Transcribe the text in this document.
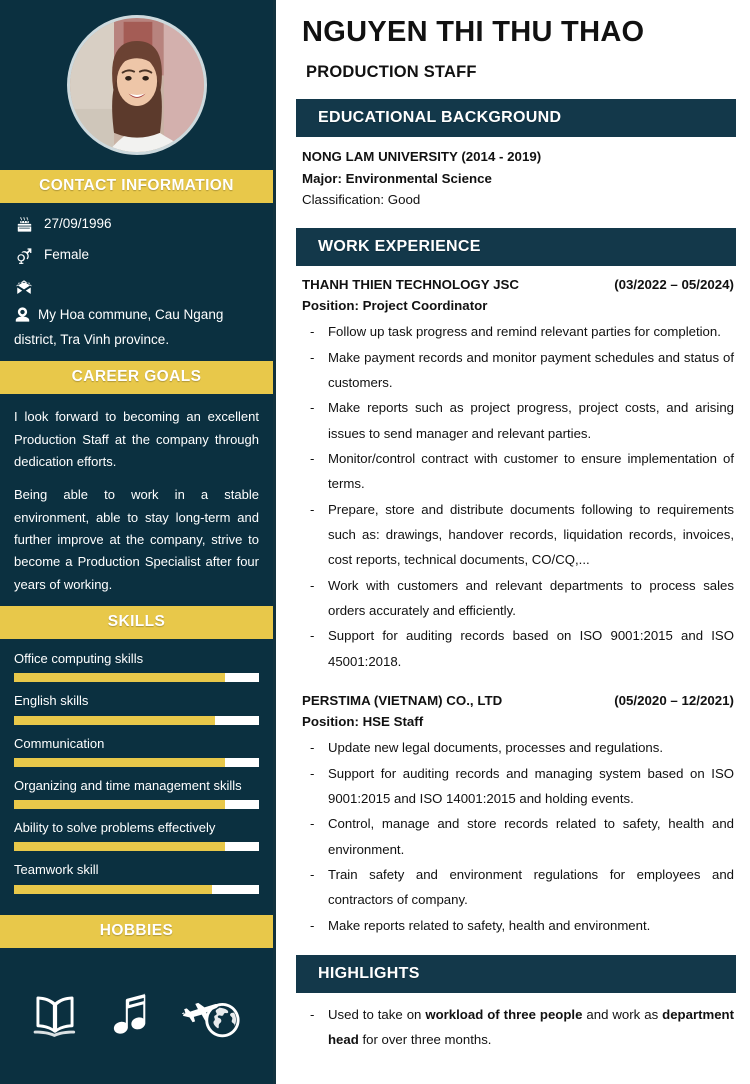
CONTACT INFORMATION
27/09/1996
Female
My Hoa commune, Cau Ngang district, Tra Vinh province.
CAREER GOALS

I look forward to becoming an excellent Production Staff at the company through dedication efforts.

Being able to work in a stable environment, able to stay long-term and further improve at the company, strive to become a Production Specialist after four years of working.

SKILLS
Office computing skills
English skills
Communication
Organizing and time management skills
Ability to solve problems effectively
Teamwork skill
HOBBIES
NGUYEN THI THU THAO
PRODUCTION STAFF
EDUCATIONAL BACKGROUND
NONG LAM UNIVERSITY (2014 - 2019)
Major: Environmental Science
Classification: Good
WORK EXPERIENCE
THANH THIEN TECHNOLOGY JSC	(03/2022 – 05/2024)
Position: Project Coordinator
- Follow up task progress and remind relevant parties for completion.
- Make payment records and monitor payment schedules and status of customers.
- Make reports such as project progress, project costs, and arising issues to send manager and relevant parties.
- Monitor/control contract with customer to ensure implementation of terms.
- Prepare, store and distribute documents following to requirements such as: drawings, handover records, liquidation records, invoices, cost reports, technical documents, CO/CQ,...
- Work with customers and relevant departments to process sales orders accurately and efficiently.
- Support for auditing records based on ISO 9001:2015 and ISO 45001:2018.
PERSTIMA (VIETNAM) CO., LTD	(05/2020 – 12/2021)
Position: HSE Staff
- Update new legal documents, processes and regulations.
- Support for auditing records and managing system based on ISO 9001:2015 and ISO 14001:2015 and holding events.
- Control, manage and store records related to safety, health and environment.
- Train safety and environment regulations for employees and contractors of company.
- Make reports related to safety, health and environment.
HIGHLIGHTS
- Used to take on workload of three people and work as department head for over three months.
